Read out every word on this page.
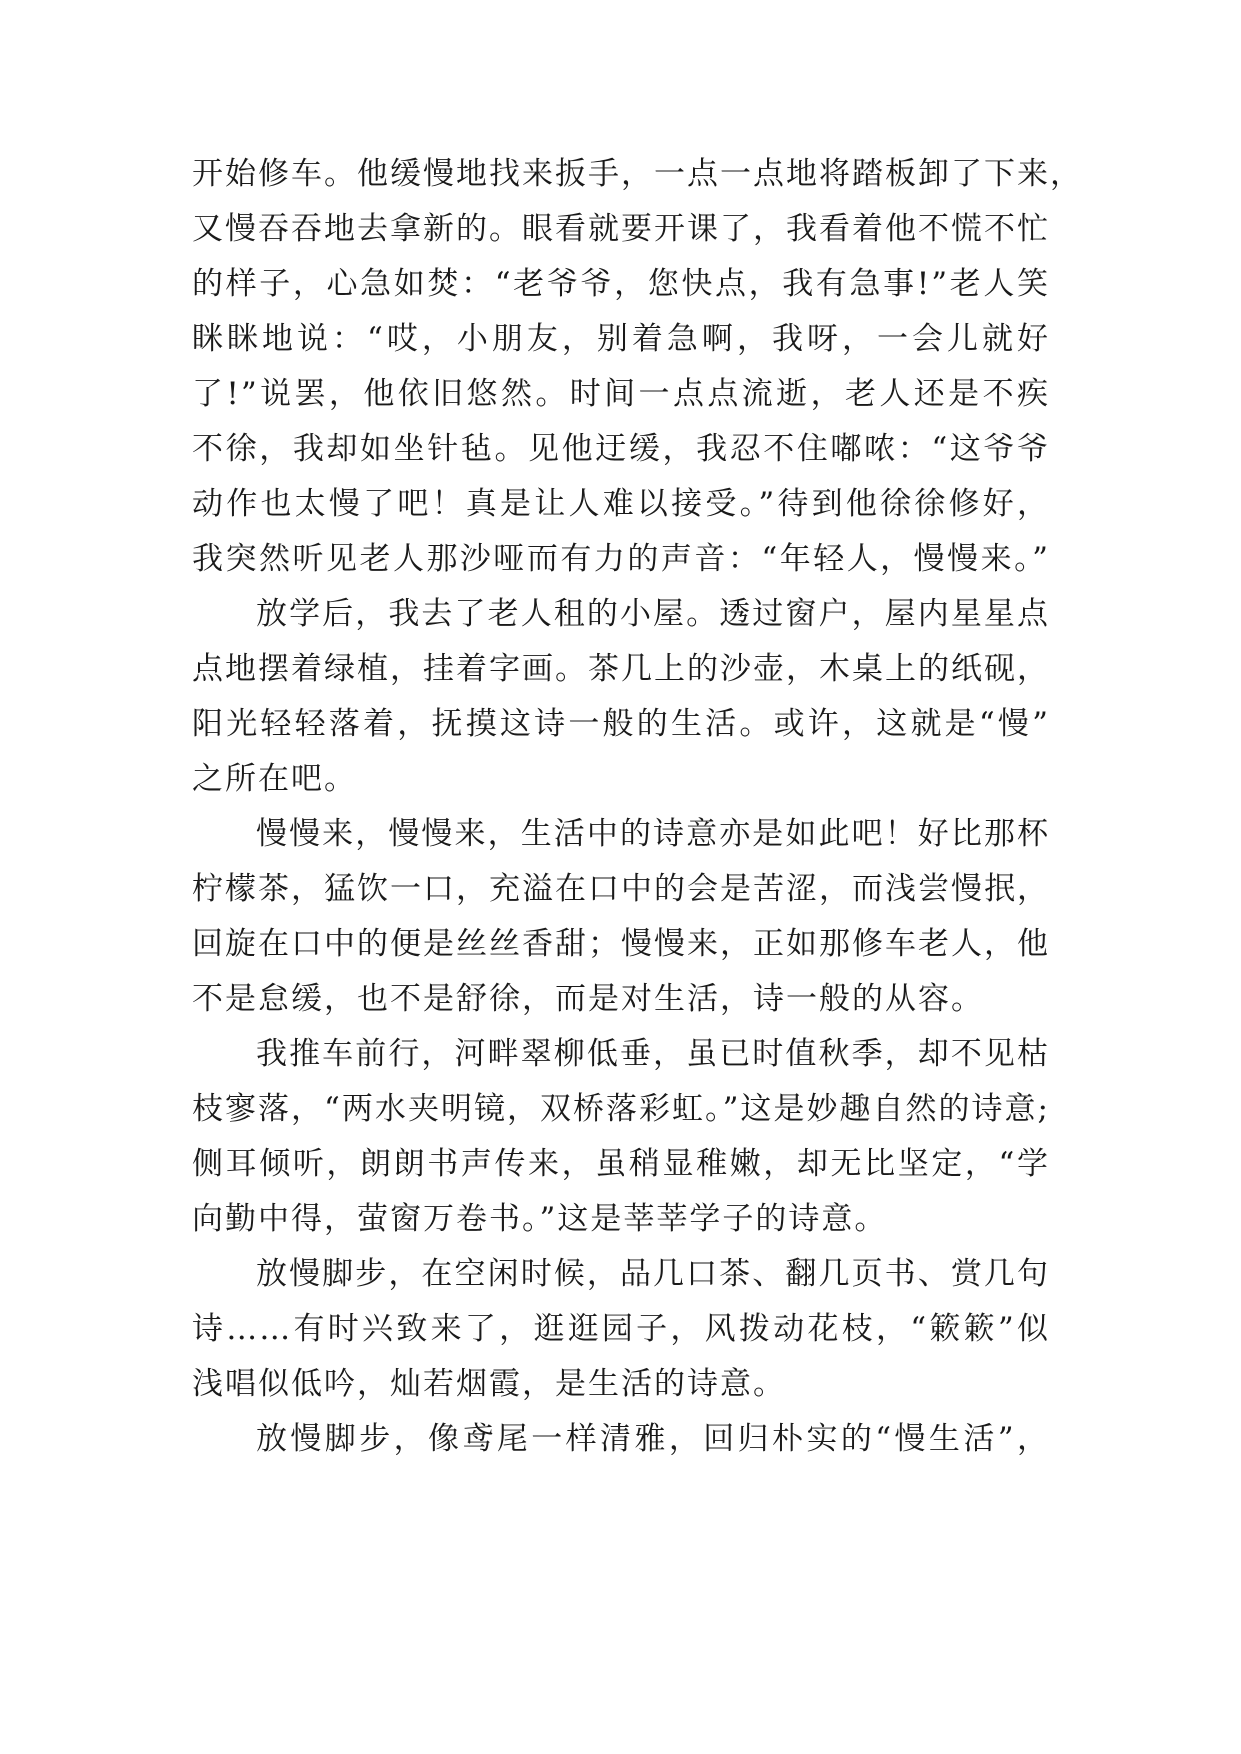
开始修车。他缓慢地找来扳手，一点一点地将踏板卸了下来，
又慢吞吞地去拿新的。眼看就要开课了，我看着他不慌不忙
的样子，心急如焚：“老爷爷，您快点，我有急事!”老人笑
眯眯地说：“哎，小朋友，别着急啊，我呀，一会儿就好
了!”说罢，他依旧悠然。时间一点点流逝，老人还是不疾
不徐，我却如坐针毡。见他迂缓，我忍不住嘟哝：“这爷爷
动作也太慢了吧！真是让人难以接受。”待到他徐徐修好，
我突然听见老人那沙哑而有力的声音：“年轻人，慢慢来。”
放学后，我去了老人租的小屋。透过窗户，屋内星星点
点地摆着绿植，挂着字画。茶几上的沙壶，木桌上的纸砚，
阳光轻轻落着，抚摸这诗一般的生活。或许，这就是“慢”
之所在吧。
慢慢来，慢慢来，生活中的诗意亦是如此吧！好比那杯
柠檬茶，猛饮一口，充溢在口中的会是苦涩，而浅尝慢抿，
回旋在口中的便是丝丝香甜；慢慢来，正如那修车老人，他
不是怠缓，也不是舒徐，而是对生活，诗一般的从容。
我推车前行，河畔翠柳低垂，虽已时值秋季，却不见枯
枝寥落，“两水夹明镜，双桥落彩虹。”这是妙趣自然的诗意;
侧耳倾听，朗朗书声传来，虽稍显稚嫩，却无比坚定，“学
向勤中得，萤窗万卷书。”这是莘莘学子的诗意。
放慢脚步，在空闲时候，品几口茶、翻几页书、赏几句
诗……有时兴致来了，逛逛园子，风拨动花枝，“簌簌”似
浅唱似低吟，灿若烟霞，是生活的诗意。
放慢脚步，像鸢尾一样清雅，回归朴实的“慢生活”，
